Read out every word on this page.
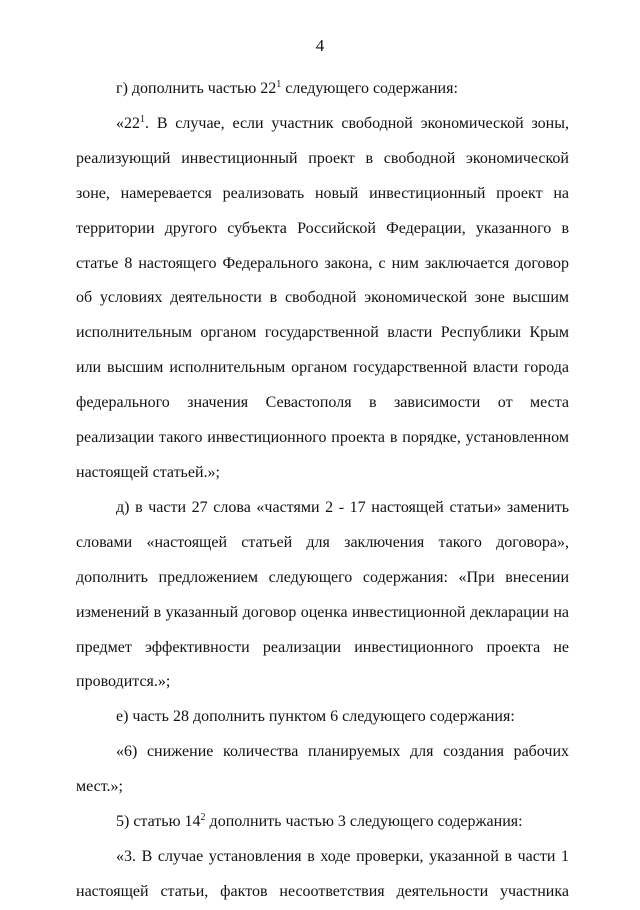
4

г) дополнить частью $22^1$ следующего содержания:

«$22^1$. В случае, если участник свободной экономической зоны, реализующий инвестиционный проект в свободной экономической зоне, намеревается реализовать новый инвестиционный проект на территории другого субъекта Российской Федерации, указанного в статье 8 настоящего Федерального закона, с ним заключается договор об условиях деятельности в свободной экономической зоне высшим исполнительным органом государственной власти Республики Крым или высшим исполнительным органом государственной власти города федерального значения Севастополя в зависимости от места реализации такого инвестиционного проекта в порядке, установленном настоящей статьей.»;

д) в части 27 слова «частями 2 - 17 настоящей статьи» заменить словами «настоящей статьей для заключения такого договора», дополнить предложением следующего содержания: «При внесении изменений в указанный договор оценка инвестиционной декларации на предмет эффективности реализации инвестиционного проекта не проводится.»;

е) часть 28 дополнить пунктом 6 следующего содержания:

«6) снижение количества планируемых для создания рабочих мест.»;

5) статью $14^2$ дополнить частью 3 следующего содержания:

«3. В случае установления в ходе проверки, указанной в части 1 настоящей статьи, фактов несоответствия деятельности участника
